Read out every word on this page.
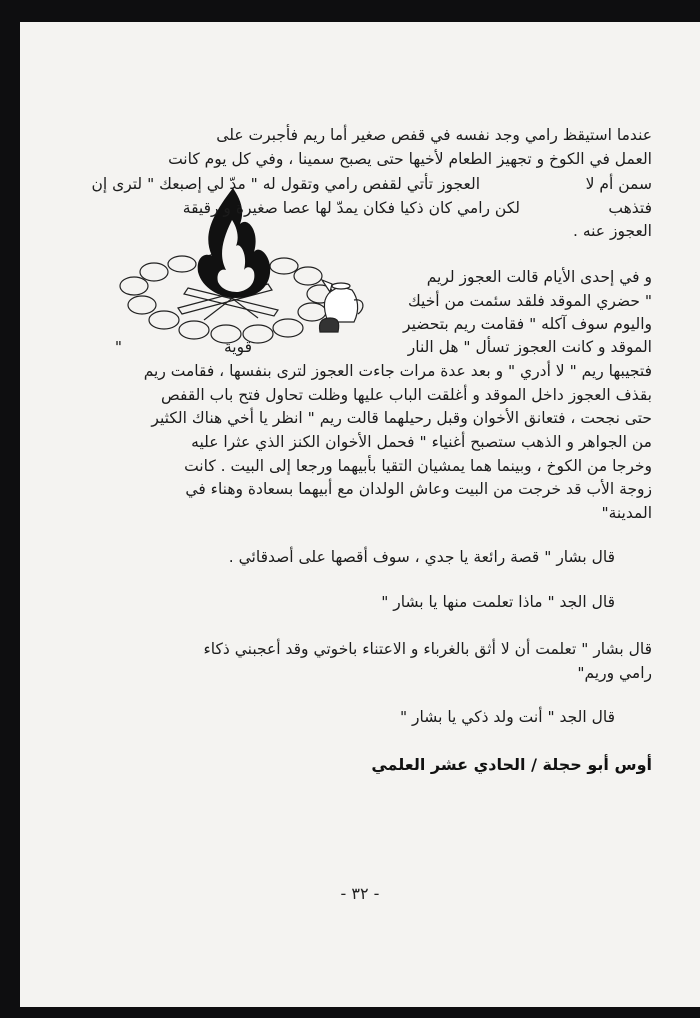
عندما استيقظ رامي وجد نفسه في قفص صغير أما ريم فأجبرت على
العمل في الكوخ و تجهيز الطعام لأخيها حتى يصبح سمينا ، وفي كل يوم كانت
العجوز تأتي لقفص رامي وتقول له " مدّ لي إصبعك " لترى إن	سمن أم لا
لكن رامي كان ذكيا فكان يمدّ لها عصا صغيرة و رقيقة	فتذهب
العجوز عنه .
و في إحدى الأيام قالت العجوز لريم
" حضري الموقد فلقد سئمت من أخيك
واليوم سوف آكله " فقامت ريم بتحضير
الموقد و كانت العجوز تسأل " هل النار
قوية
"
فتجيبها ريم " لا أدري " و بعد عدة مرات جاءت العجوز لترى بنفسها ، فقامت ريم
بقذف العجوز داخل الموقد و أغلقت الباب عليها وظلت تحاول فتح باب القفص
حتى نجحت ، فتعانق الأخوان وقبل رحيلهما قالت ريم " انظر يا أخي هناك الكثير
من الجواهر و الذهب ستصبح أغنياء " فحمل الأخوان الكنز الذي عثرا عليه
وخرجا من الكوخ ، وبينما هما يمشيان التقيا بأبيهما ورجعا إلى البيت . كانت
زوجة الأب قد خرجت من البيت وعاش الولدان مع أبيهما بسعادة وهناء في
المدينة"
قال بشار " قصة رائعة يا جدي ، سوف أقصها على أصدقائي .
قال الجد " ماذا تعلمت منها يا بشار "
قال بشار " تعلمت أن لا أثق بالغرباء و الاعتناء باخوتي وقد أعجبني ذكاء
رامي وريم"
قال الجد " أنت ولد ذكي يا بشار "
أوس أبو حجلة / الحادي عشر العلمي
- ٣٢ -
